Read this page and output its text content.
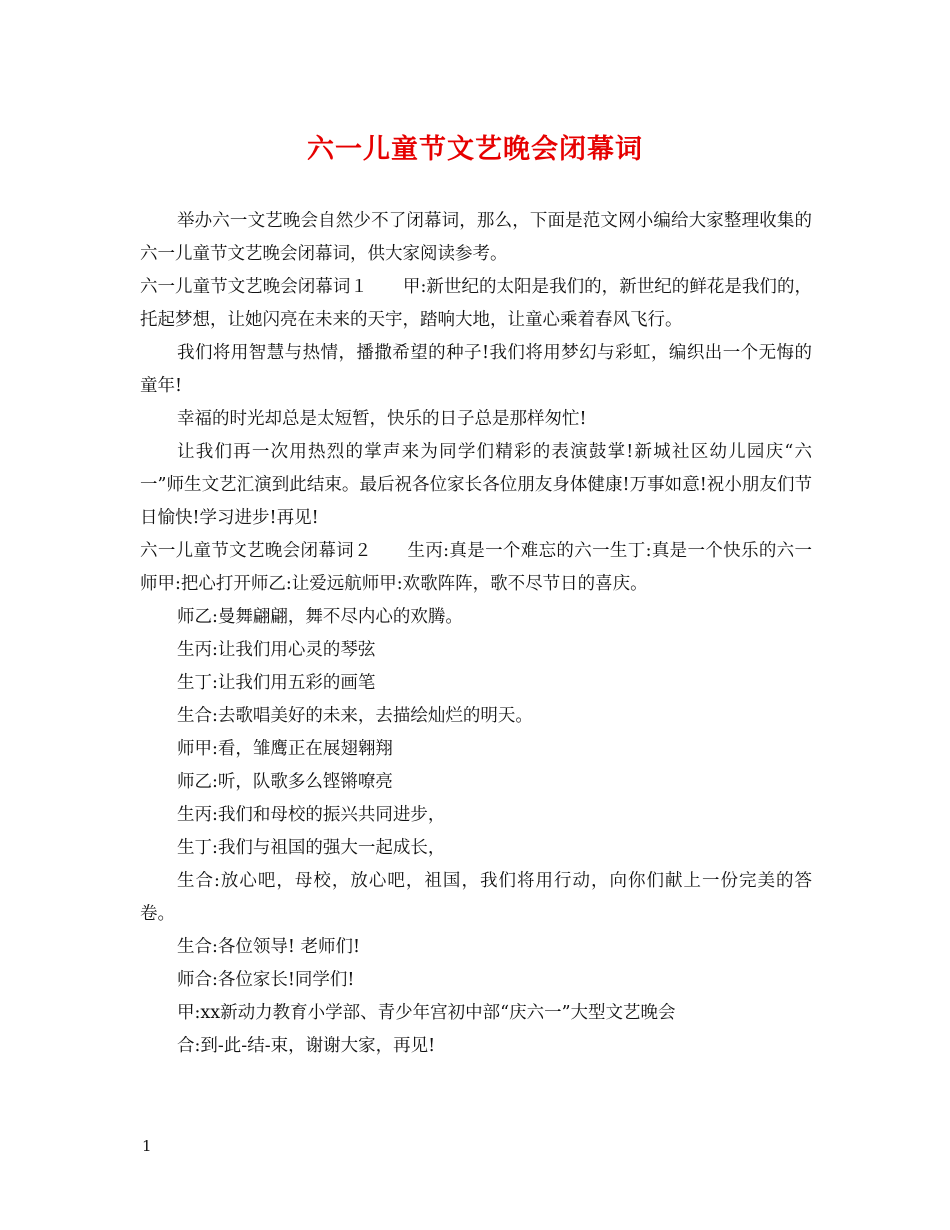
六一儿童节文艺晚会闭幕词

举办六一文艺晚会自然少不了闭幕词，那么，下面是范文网小编给大家整理收集的六一儿童节文艺晚会闭幕词，供大家阅读参考。

六一儿童节文艺晚会闭幕词１　　甲:新世纪的太阳是我们的，新世纪的鲜花是我们的，托起梦想，让她闪亮在未来的天宇，踏响大地，让童心乘着春风飞行。

我们将用智慧与热情，播撒希望的种子!我们将用梦幻与彩虹，编织出一个无悔的童年!

幸福的时光却总是太短暂，快乐的日子总是那样匆忙!

让我们再一次用热烈的掌声来为同学们精彩的表演鼓掌!新城社区幼儿园庆“六一”师生文艺汇演到此结束。最后祝各位家长各位朋友身体健康!万事如意!祝小朋友们节日愉快!学习进步!再见!

六一儿童节文艺晚会闭幕词２　　生丙:真是一个难忘的六一生丁:真是一个快乐的六一师甲:把心打开师乙:让爱远航师甲:欢歌阵阵，歌不尽节日的喜庆。

师乙:曼舞翩翩，舞不尽内心的欢腾。

生丙:让我们用心灵的琴弦

生丁:让我们用五彩的画笔

生合:去歌唱美好的未来，去描绘灿烂的明天。

师甲:看，雏鹰正在展翅翱翔

师乙:听，队歌多么铿锵嘹亮

生丙:我们和母校的振兴共同进步，

生丁:我们与祖国的强大一起成长，

生合:放心吧，母校，放心吧，祖国，我们将用行动，向你们献上一份完美的答卷。

生合:各位领导! 老师们!

师合:各位家长!同学们!

甲:xx新动力教育小学部、青少年宫初中部“庆六一”大型文艺晚会

合:到-此-结-束，谢谢大家，再见!

1
